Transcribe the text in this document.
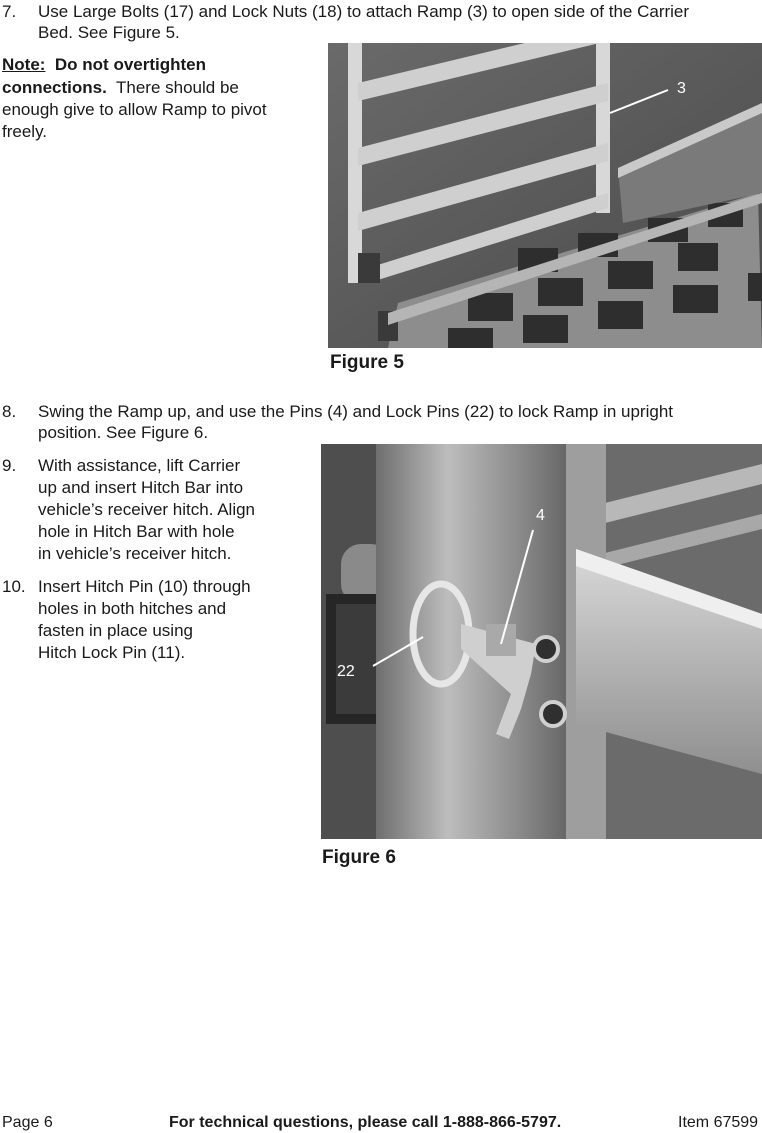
7. Use Large Bolts (17) and Lock Nuts (18) to attach Ramp (3) to open side of the Carrier
Bed. See Figure 5.
Note: Do not overtighten
connections. There should be
enough give to allow Ramp to pivot
freely.
3
Figure 5
8. Swing the Ramp up, and use the Pins (4) and Lock Pins (22) to lock Ramp in upright
position. See Figure 6.
9. With assistance, lift Carrier
up and insert Hitch Bar into
vehicle’s receiver hitch. Align
hole in Hitch Bar with hole
in vehicle’s receiver hitch.
10. Insert Hitch Pin (10) through
holes in both hitches and
fasten in place using
Hitch Lock Pin (11).
4
22
Figure 6
Page 6	For technical questions, please call 1-888-866-5797.	Item 67599
